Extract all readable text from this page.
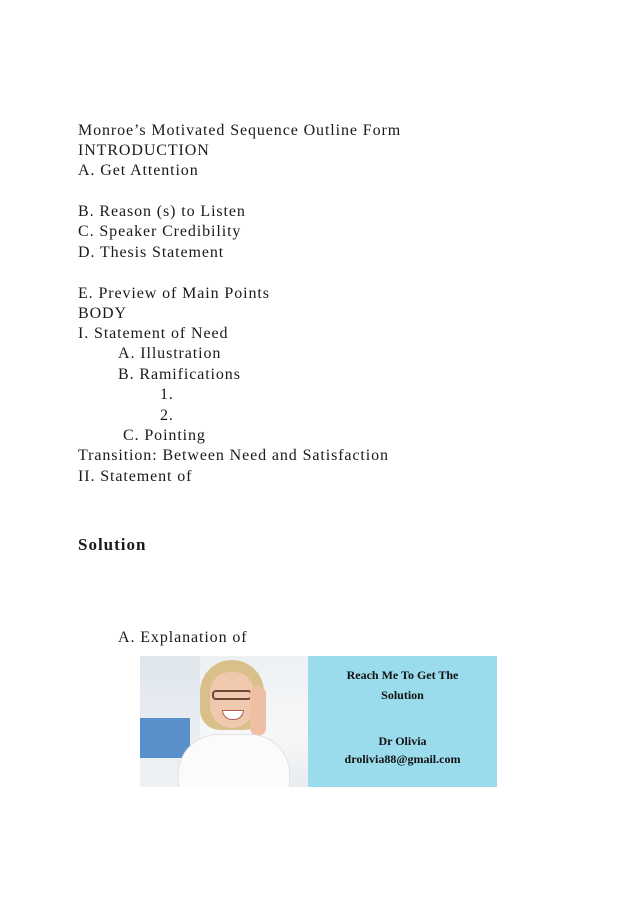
Monroe’s Motivated Sequence Outline Form
INTRODUCTION
A. Get Attention
B. Reason (s) to Listen
C. Speaker Credibility
D. Thesis Statement
E. Preview of Main Points
BODY
I. Statement of Need
A. Illustration
B. Ramifications
1.
2.
C. Pointing
Transition: Between Need and Satisfaction
II. Statement of
Solution
A. Explanation of
Reach Me To Get The
Solution
Dr Olivia
drolivia88@gmail.com
